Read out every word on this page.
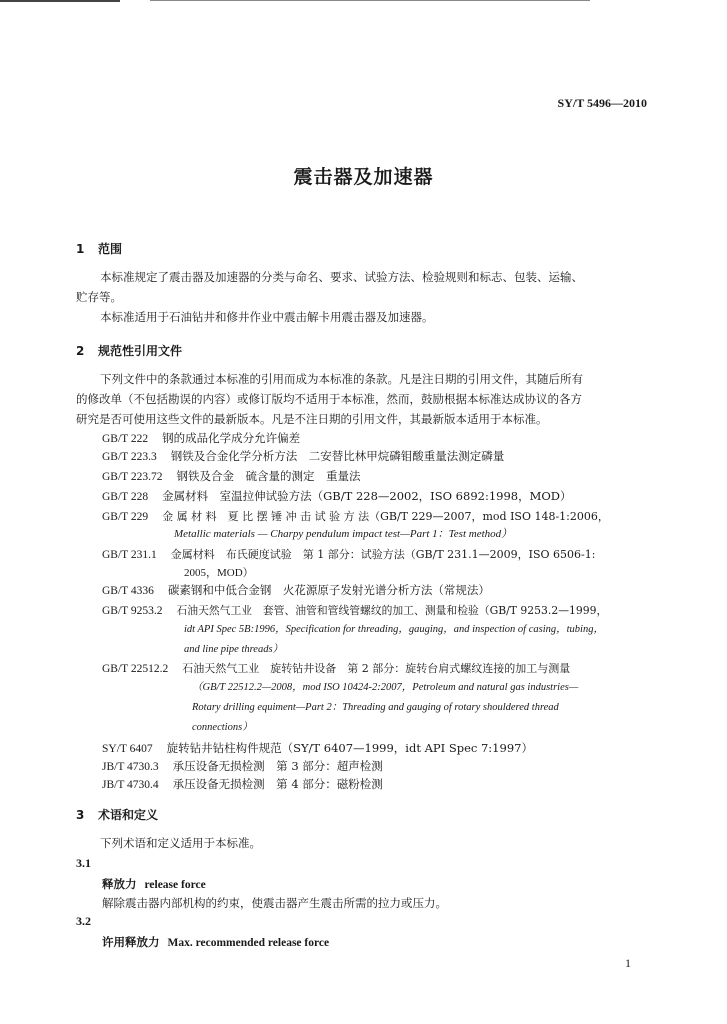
SY/T 5496—2010
震击器及加速器
1 范围
本标准规定了震击器及加速器的分类与命名、要求、试验方法、检验规则和标志、包装、运输、
贮存等。
本标准适用于石油钻井和修井作业中震击解卡用震击器及加速器。
2 规范性引用文件
下列文件中的条款通过本标准的引用而成为本标准的条款。凡是注日期的引用文件，其随后所有
的修改单（不包括勘误的内容）或修订版均不适用于本标准，然而，鼓励根据本标准达成协议的各方
研究是否可使用这些文件的最新版本。凡是不注日期的引用文件，其最新版本适用于本标准。
GB/T 222 钢的成品化学成分允许偏差
GB/T 223.3 钢铁及合金化学分析方法　二安替比林甲烷磷钼酸重量法测定磷量
GB/T 223.72 钢铁及合金　硫含量的测定　重量法
GB/T 228 金属材料　室温拉伸试验方法（GB/T 228—2002，ISO 6892:1998，MOD）
GB/T 229 金 属 材 料　夏 比 摆 锤 冲 击 试 验 方 法（GB/T 229—2007，mod ISO 148-1:2006，
Metallic materials — Charpy pendulum impact test—Part 1：Test method）
GB/T 231.1 金属材料　布氏硬度试验　第 1 部分：试验方法（GB/T 231.1—2009，ISO 6506-1:
2005，MOD）
GB/T 4336 碳素钢和中低合金钢　火花源原子发射光谱分析方法（常规法）
GB/T 9253.2 石油天然气工业　套管、油管和管线管螺纹的加工、测量和检验（GB/T 9253.2—1999，
idt API Spec 5B:1996，Specification for threading，gauging，and inspection of casing，tubing，
and line pipe threads）
GB/T 22512.2 石油天然气工业　旋转钻井设备　第 2 部分：旋转台肩式螺纹连接的加工与测量
（GB/T 22512.2—2008，mod ISO 10424-2:2007，Petroleum and natural gas industries—
Rotary drilling equiment—Part 2：Threading and gauging of rotary shouldered thread
connections）
SY/T 6407 旋转钻井钻柱构件规范（SY/T 6407—1999，idt API Spec 7:1997）
JB/T 4730.3 承压设备无损检测　第 3 部分：超声检测
JB/T 4730.4 承压设备无损检测　第 4 部分：磁粉检测
3 术语和定义
下列术语和定义适用于本标准。
3.1
释放力 release force
解除震击器内部机构的约束，使震击器产生震击所需的拉力或压力。
3.2
许用释放力 Max. recommended release force
1
